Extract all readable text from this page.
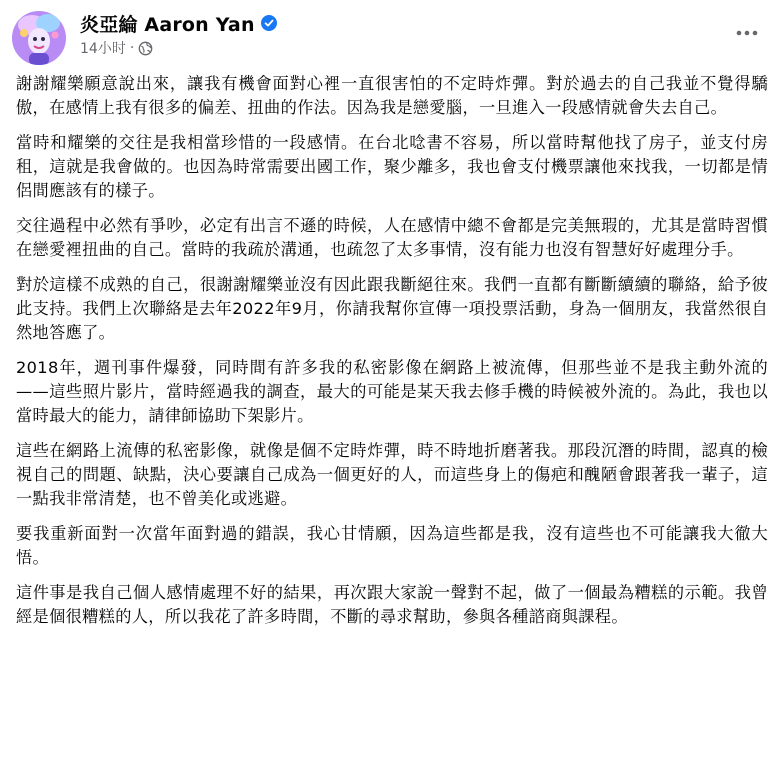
炎亞綸 Aaron Yan
14小时 ·

謝謝耀樂願意說出來，讓我有機會面對心裡一直很害怕的不定時炸彈。對於過去的自己我並不覺得驕傲，在感情上我有很多的偏差、扭曲的作法。因為我是戀愛腦，一旦進入一段感情就會失去自己。

當時和耀樂的交往是我相當珍惜的一段感情。在台北唸書不容易，所以當時幫他找了房子，並支付房租，這就是我會做的。也因為時常需要出國工作，聚少離多，我也會支付機票讓他來找我，一切都是情侶間應該有的樣子。

交往過程中必然有爭吵，必定有出言不遜的時候，人在感情中總不會都是完美無瑕的，尤其是當時習慣在戀愛裡扭曲的自己。當時的我疏於溝通，也疏忽了太多事情，沒有能力也沒有智慧好好處理分手。

對於這樣不成熟的自己，很謝謝耀樂並沒有因此跟我斷絕往來。我們一直都有斷斷續續的聯絡，給予彼此支持。我們上次聯絡是去年2022年9月，你請我幫你宣傳一項投票活動，身為一個朋友，我當然很自然地答應了。

2018年，週刊事件爆發，同時間有許多我的私密影像在網路上被流傳，但那些並不是我主動外流的——這些照片影片，當時經過我的調查，最大的可能是某天我去修手機的時候被外流的。為此，我也以當時最大的能力，請律師協助下架影片。

這些在網路上流傳的私密影像，就像是個不定時炸彈，時不時地折磨著我。那段沉潛的時間，認真的檢視自己的問題、缺點，決心要讓自己成為一個更好的人，而這些身上的傷疤和醜陋會跟著我一輩子，這一點我非常清楚，也不曾美化或逃避。

要我重新面對一次當年面對過的錯誤，我心甘情願，因為這些都是我，沒有這些也不可能讓我大徹大悟。

這件事是我自己個人感情處理不好的結果，再次跟大家說一聲對不起，做了一個最為糟糕的示範。我曾經是個很糟糕的人，所以我花了許多時間，不斷的尋求幫助，參與各種諮商與課程。
